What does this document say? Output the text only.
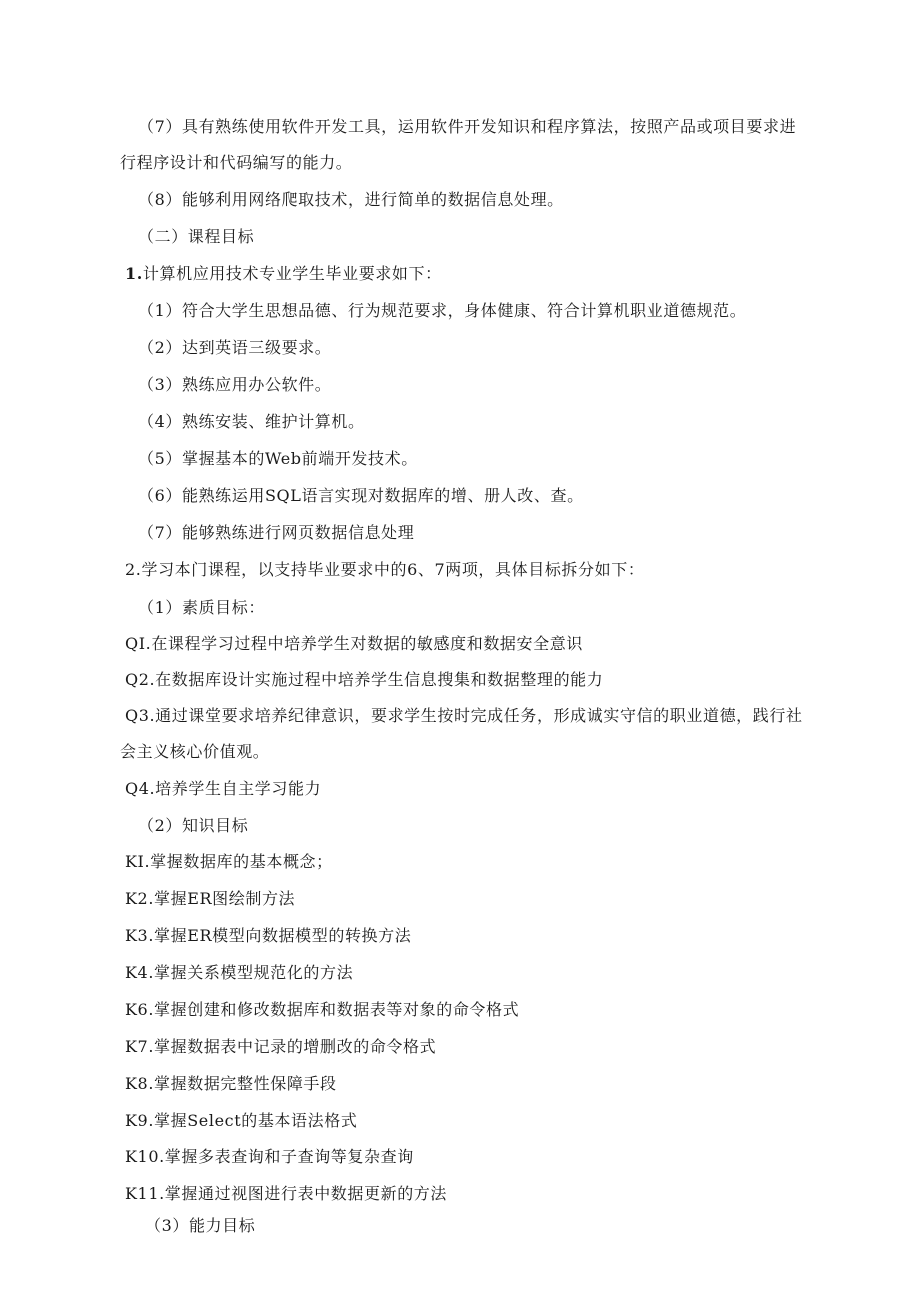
（7）具有熟练使用软件开发工具，运用软件开发知识和程序算法，按照产品或项目要求进
行程序设计和代码编写的能力。
（8）能够利用网络爬取技术，进行简单的数据信息处理。
（二）课程目标
1.计算机应用技术专业学生毕业要求如下：
（1）符合大学生思想品德、行为规范要求，身体健康、符合计算机职业道德规范。
（2）达到英语三级要求。
（3）熟练应用办公软件。
（4）熟练安装、维护计算机。
（5）掌握基本的Web前端开发技术。
（6）能熟练运用SQL语言实现对数据库的增、册人改、查。
（7）能够熟练进行网页数据信息处理
2.学习本门课程，以支持毕业要求中的6、7两项，具体目标拆分如下：
（1）素质目标：
QI.在课程学习过程中培养学生对数据的敏感度和数据安全意识
Q2.在数据库设计实施过程中培养学生信息搜集和数据整理的能力
Q3.通过课堂要求培养纪律意识，要求学生按时完成任务，形成诚实守信的职业道德，践行社
会主义核心价值观。
Q4.培养学生自主学习能力
（2）知识目标
KI.掌握数据库的基本概念；
K2.掌握ER图绘制方法
K3.掌握ER模型向数据模型的转换方法
K4.掌握关系模型规范化的方法
K6.掌握创建和修改数据库和数据表等对象的命令格式
K7.掌握数据表中记录的增删改的命令格式
K8.掌握数据完整性保障手段
K9.掌握Select的基本语法格式
K10.掌握多表查询和子查询等复杂查询
K11.掌握通过视图进行表中数据更新的方法
（3）能力目标
